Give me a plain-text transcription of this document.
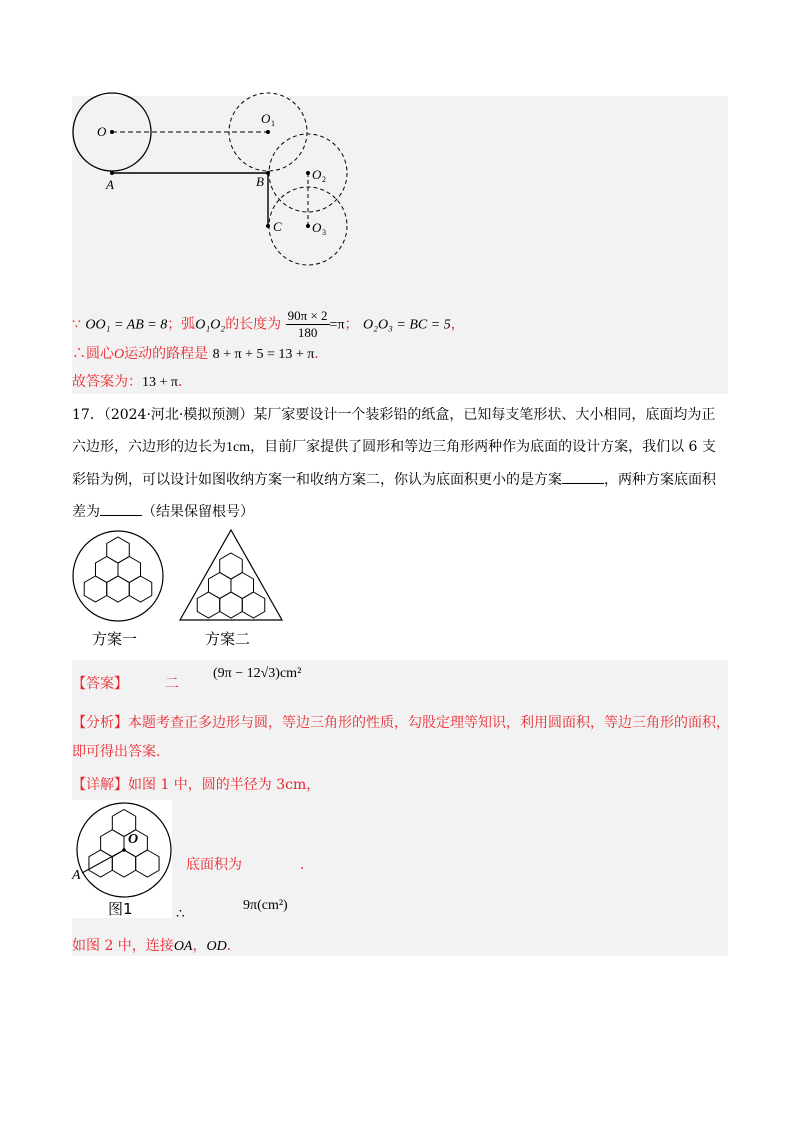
O
O 1
O 2
O 3
A	B
C
∵ OO₁ = AB = 8；弧O₁O₂的长度为 $\frac{90\pi \times 2}{180} =\pi$； O₂O₃ = BC = 5，
∴圆心O运动的路程是 8 + π + 5 = 13 + π．
故答案为：13 + π．
17．（2024·河北·模拟预测）某厂家要设计一个装彩铅的纸盒，已知每支笔形状、大小相同，底面均为正
六边形，六边形的边长为1cm，目前厂家提供了圆形和等边三角形两种作为底面的设计方案，我们以 6 支
彩铅为例，可以设计如图收纳方案一和收纳方案二，你认为底面积更小的是方案	，两种方案底面积
差为	（结果保留根号）
方案一	方案二
【答案】	二
(9π − 12√3)cm²
【分析】本题考查正多边形与圆，等边三角形的性质，勾股定理等知识，利用圆面积，等边三角形的面积，
即可得出答案．
【详解】如图 1 中，圆的半径为 3cm，
O
A
图1
底面积为	．
∴
9π(cm²)
如图 2 中，连接OA，OD．
